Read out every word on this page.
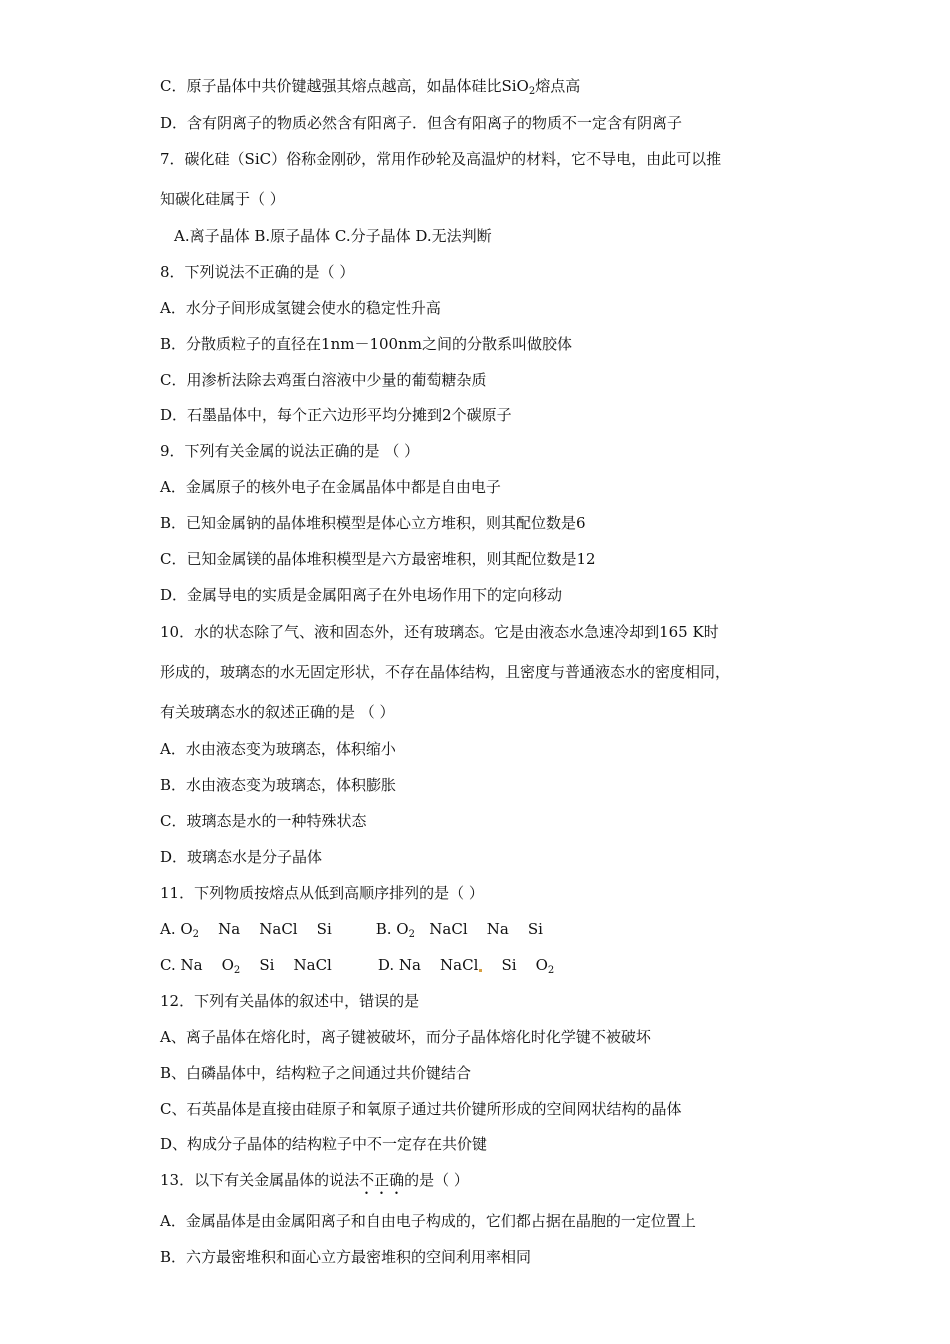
C．原子晶体中共价键越强其熔点越高，如晶体硅比SiO$_2$熔点高

D．含有阴离子的物质必然含有阳离子．但含有阳离子的物质不一定含有阴离子

7．碳化硅（SiC）俗称金刚砂，常用作砂轮及高温炉的材料，它不导电，由此可以推

知碳化硅属于（ ）

A.离子晶体 B.原子晶体 C.分子晶体 D.无法判断

8．下列说法不正确的是（ ）

A．水分子间形成氢键会使水的稳定性升高

B．分散质粒子的直径在1nm－100nm之间的分散系叫做胶体

C．用渗析法除去鸡蛋白溶液中少量的葡萄糖杂质

D．石墨晶体中，每个正六边形平均分摊到2个碳原子

9．下列有关金属的说法正确的是 （ ）

A．金属原子的核外电子在金属晶体中都是自由电子

B．已知金属钠的晶体堆积模型是体心立方堆积，则其配位数是6

C．已知金属镁的晶体堆积模型是六方最密堆积，则其配位数是12

D．金属导电的实质是金属阳离子在外电场作用下的定向移动

10．水的状态除了气、液和固态外，还有玻璃态。它是由液态水急速冷却到165 K时

形成的，玻璃态的水无固定形状，不存在晶体结构，且密度与普通液态水的密度相同，

有关玻璃态水的叙述正确的是 （ ）

A．水由液态变为玻璃态，体积缩小

B．水由液态变为玻璃态，体积膨胀

C．玻璃态是水的一种特殊状态

D．玻璃态水是分子晶体

11．下列物质按熔点从低到高顺序排列的是（ ）

A. $O_2$    Na    NaCl    Si	B. $O_2$   NaCl    Na    Si

C. Na    $O_2$    Si    NaCl	D. Na    NaCl    Si    $O_2$

12．下列有关晶体的叙述中，错误的是

A、离子晶体在熔化时，离子键被破坏，而分子晶体熔化时化学键不被破坏

B、白磷晶体中，结构粒子之间通过共价键结合

C、石英晶体是直接由硅原子和氧原子通过共价键所形成的空间网状结构的晶体

D、构成分子晶体的结构粒子中不一定存在共价键

13．以下有关金属晶体的说法不正确的是（ ）

A．金属晶体是由金属阳离子和自由电子构成的，它们都占据在晶胞的一定位置上

B．六方最密堆积和面心立方最密堆积的空间利用率相同
